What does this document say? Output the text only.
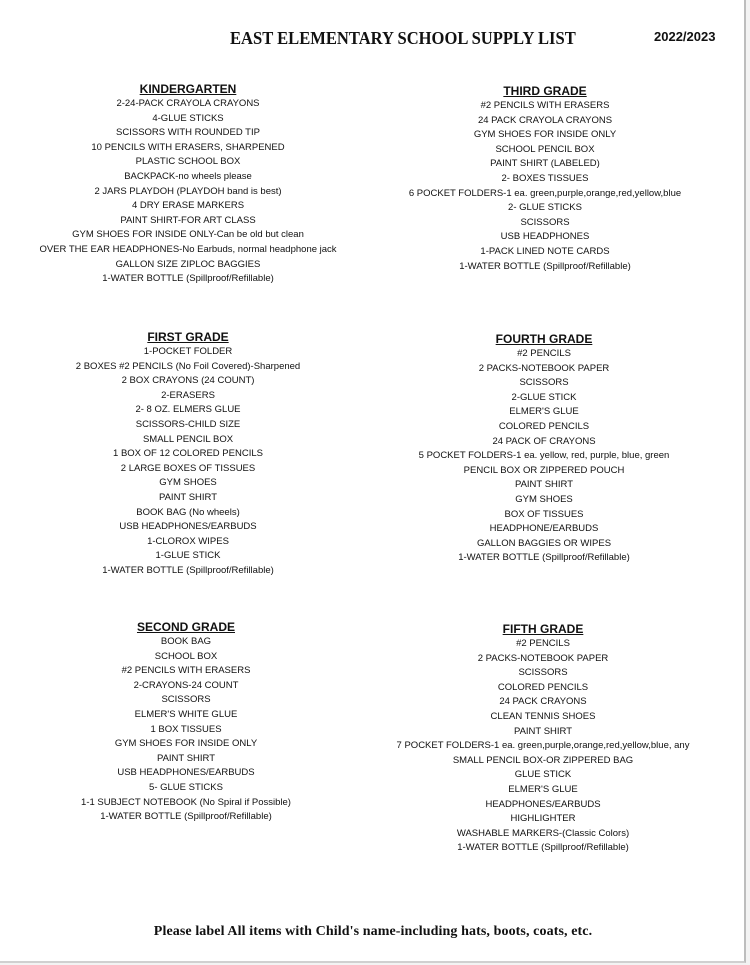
EAST ELEMENTARY SCHOOL SUPPLY LIST	2022/2023
KINDERGARTEN
2-24-PACK CRAYOLA CRAYONS
4-GLUE STICKS
SCISSORS WITH ROUNDED TIP
10 PENCILS WITH ERASERS, SHARPENED
PLASTIC SCHOOL BOX
BACKPACK-no wheels please
2 JARS PLAYDOH (PLAYDOH band is best)
4 DRY ERASE MARKERS
PAINT SHIRT-FOR ART CLASS
GYM SHOES FOR INSIDE ONLY-Can be old but clean
OVER THE EAR HEADPHONES-No Earbuds, normal headphone jack
GALLON SIZE ZIPLOC BAGGIES
1-WATER BOTTLE (Spillproof/Refillable)
THIRD GRADE
#2 PENCILS WITH ERASERS
24 PACK CRAYOLA CRAYONS
GYM SHOES FOR INSIDE ONLY
SCHOOL PENCIL BOX
PAINT SHIRT (LABELED)
2- BOXES TISSUES
6 POCKET FOLDERS-1 ea. green,purple,orange,red,yellow,blue
2- GLUE STICKS
SCISSORS
USB HEADPHONES
1-PACK LINED NOTE CARDS
1-WATER BOTTLE (Spillproof/Refillable)
FIRST GRADE
1-POCKET FOLDER
2 BOXES #2 PENCILS (No Foil Covered)-Sharpened
2 BOX CRAYONS (24 COUNT)
2-ERASERS
2- 8 OZ. ELMERS GLUE
SCISSORS-CHILD SIZE
SMALL PENCIL BOX
1 BOX OF 12 COLORED PENCILS
2 LARGE BOXES OF TISSUES
GYM SHOES
PAINT SHIRT
BOOK BAG (No wheels)
USB HEADPHONES/EARBUDS
1-CLOROX WIPES
1-GLUE STICK
1-WATER BOTTLE (Spillproof/Refillable)
FOURTH GRADE
#2 PENCILS
2 PACKS-NOTEBOOK PAPER
SCISSORS
2-GLUE STICK
ELMER'S GLUE
COLORED PENCILS
24 PACK OF CRAYONS
5 POCKET FOLDERS-1 ea. yellow, red, purple, blue, green
PENCIL BOX OR ZIPPERED POUCH
PAINT SHIRT
GYM SHOES
BOX OF TISSUES
HEADPHONE/EARBUDS
GALLON BAGGIES OR WIPES
1-WATER BOTTLE (Spillproof/Refillable)
SECOND GRADE
BOOK BAG
SCHOOL BOX
#2 PENCILS WITH ERASERS
2-CRAYONS-24 COUNT
SCISSORS
ELMER'S WHITE GLUE
1 BOX TISSUES
GYM SHOES FOR INSIDE ONLY
PAINT SHIRT
USB HEADPHONES/EARBUDS
5- GLUE STICKS
1-1 SUBJECT NOTEBOOK (No Spiral if Possible)
1-WATER BOTTLE (Spillproof/Refillable)
FIFTH GRADE
#2 PENCILS
2 PACKS-NOTEBOOK PAPER
SCISSORS
COLORED PENCILS
24 PACK CRAYONS
CLEAN TENNIS SHOES
PAINT SHIRT
7 POCKET FOLDERS-1 ea. green,purple,orange,red,yellow,blue, any
SMALL PENCIL BOX-OR ZIPPERED BAG
GLUE STICK
ELMER'S GLUE
HEADPHONES/EARBUDS
HIGHLIGHTER
WASHABLE MARKERS-(Classic Colors)
1-WATER BOTTLE (Spillproof/Refillable)
Please label All items with Child's name-including hats, boots, coats, etc.
